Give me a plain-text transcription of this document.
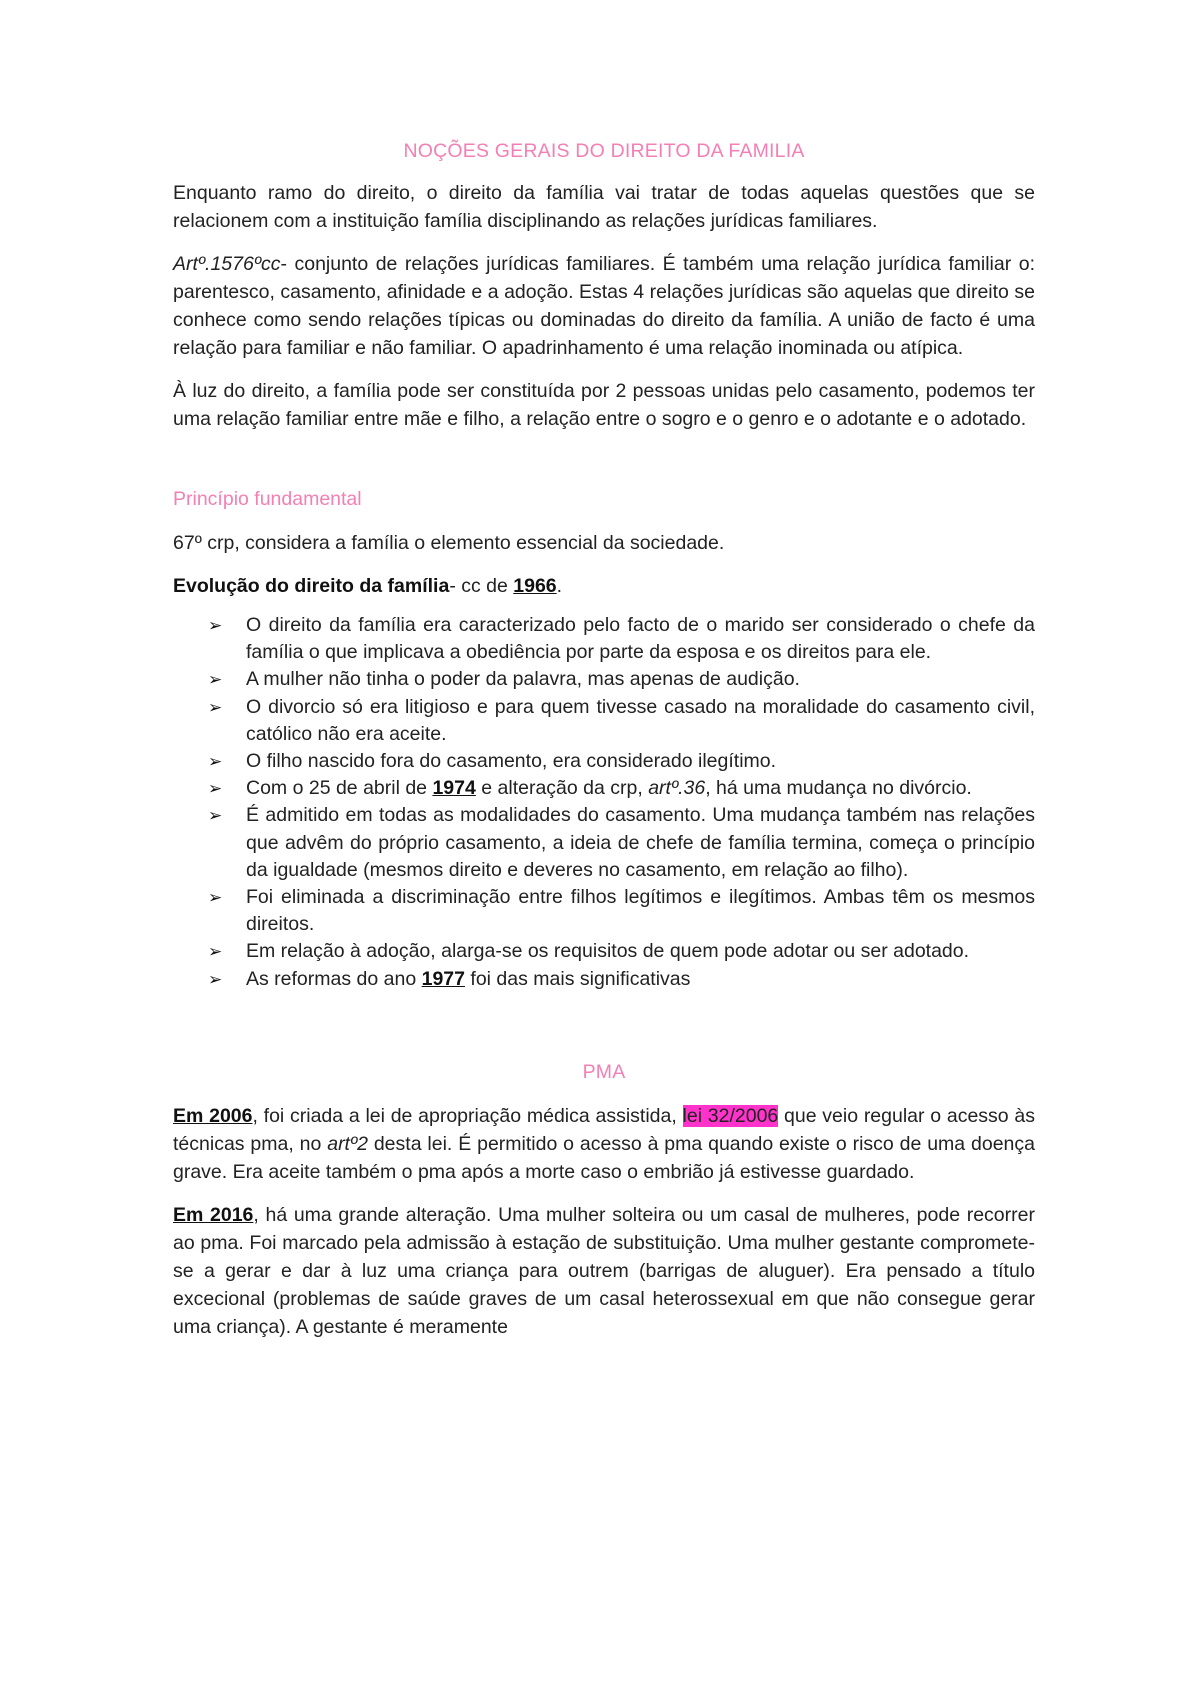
NOÇÕES GERAIS DO DIREITO DA FAMILIA

Enquanto ramo do direito, o direito da família vai tratar de todas aquelas questões que se relacionem com a instituição família disciplinando as relações jurídicas familiares.

Artº.1576ºcc- conjunto de relações jurídicas familiares. É também uma relação jurídica familiar o: parentesco, casamento, afinidade e a adoção. Estas 4 relações jurídicas são aquelas que direito se conhece como sendo relações típicas ou dominadas do direito da família. A união de facto é uma relação para familiar e não familiar. O apadrinhamento é uma relação inominada ou atípica.

À luz do direito, a família pode ser constituída por 2 pessoas unidas pelo casamento, podemos ter uma relação familiar entre mãe e filho, a relação entre o sogro e o genro e o adotante e o adotado.

Princípio fundamental

67º crp, considera a família o elemento essencial da sociedade.

Evolução do direito da família- cc de 1966.

➢ O direito da família era caracterizado pelo facto de o marido ser considerado o chefe da família o que implicava a obediência por parte da esposa e os direitos para ele.
➢ A mulher não tinha o poder da palavra, mas apenas de audição.
➢ O divorcio só era litigioso e para quem tivesse casado na moralidade do casamento civil, católico não era aceite.
➢ O filho nascido fora do casamento, era considerado ilegítimo.
➢ Com o 25 de abril de 1974 e alteração da crp, artº.36, há uma mudança no divórcio.
➢ É admitido em todas as modalidades do casamento. Uma mudança também nas relações que advêm do próprio casamento, a ideia de chefe de família termina, começa o princípio da igualdade (mesmos direito e deveres no casamento, em relação ao filho).
➢ Foi eliminada a discriminação entre filhos legítimos e ilegítimos. Ambas têm os mesmos direitos.
➢ Em relação à adoção, alarga-se os requisitos de quem pode adotar ou ser adotado.
➢ As reformas do ano 1977 foi das mais significativas

PMA

Em 2006, foi criada a lei de apropriação médica assistida, lei 32/2006 que veio regular o acesso às técnicas pma, no artº2 desta lei. É permitido o acesso à pma quando existe o risco de uma doença grave. Era aceite também o pma após a morte caso o embrião já estivesse guardado.

Em 2016, há uma grande alteração. Uma mulher solteira ou um casal de mulheres, pode recorrer ao pma. Foi marcado pela admissão à estação de substituição. Uma mulher gestante compromete-se a gerar e dar à luz uma criança para outrem (barrigas de aluguer). Era pensado a título excecional (problemas de saúde graves de um casal heterossexual em que não consegue gerar uma criança). A gestante é meramente
